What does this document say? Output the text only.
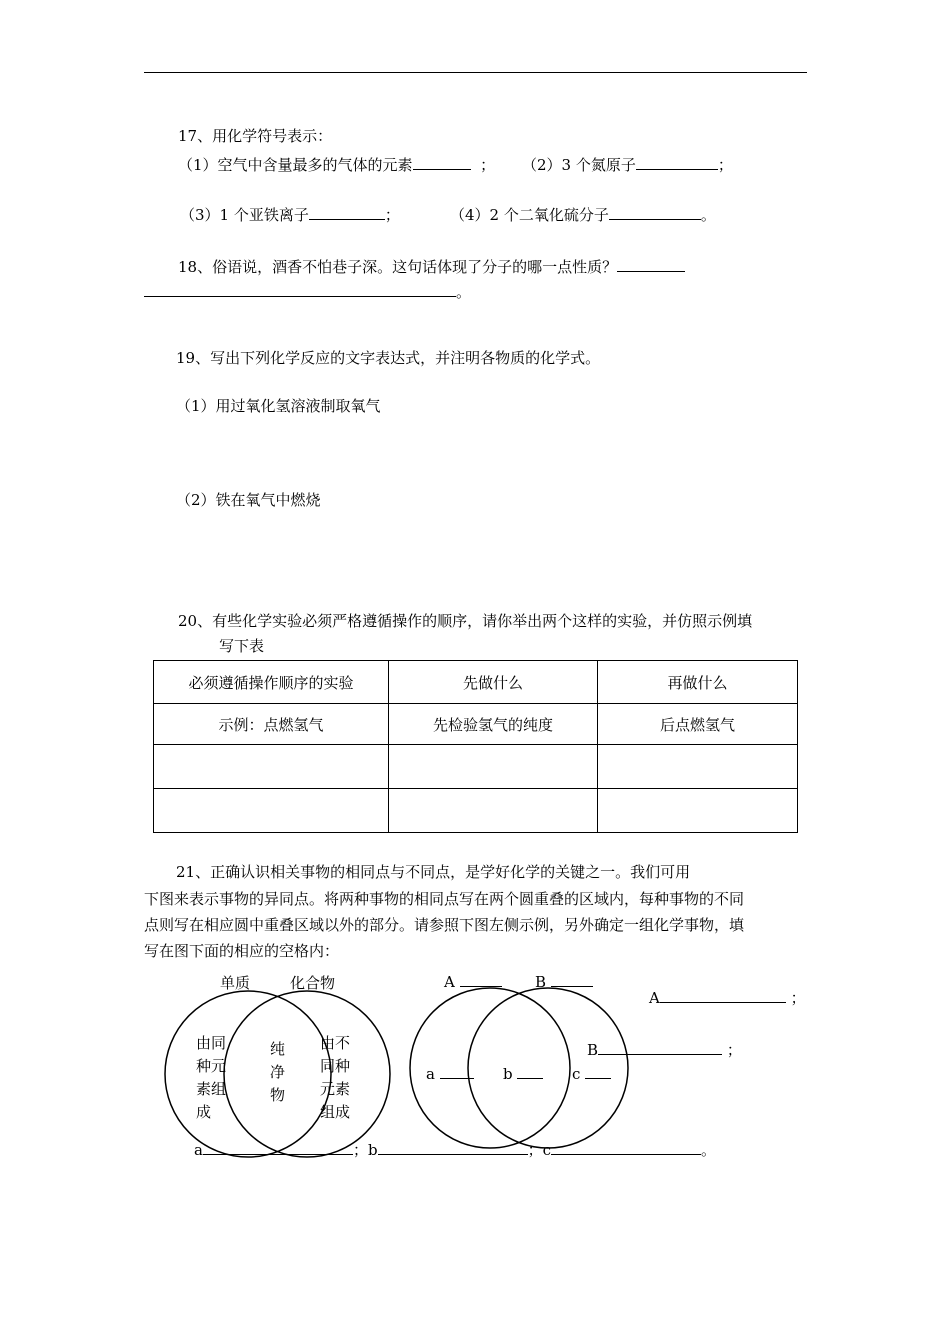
17、用化学符号表示：
（1）空气中含量最多的气体的元素	； （2）3 个氮原子	；
（3）1 个亚铁离子	；	（4）2 个二氧化硫分子	。
18、俗语说，酒香不怕巷子深。这句话体现了分子的哪一点性质？
。
19、写出下列化学反应的文字表达式，并注明各物质的化学式。
（1）用过氧化氢溶液制取氧气
（2）铁在氧气中燃烧
20、有些化学实验必须严格遵循操作的顺序，请你举出两个这样的实验，并仿照示例填
写下表
必须遵循操作顺序的实验	先做什么	再做什么
示例：点燃氢气	先检验氢气的纯度	后点燃氢气

21、正确认识相关事物的相同点与不同点，是学好化学的关键之一。我们可用
下图来表示事物的异同点。将两种事物的相同点写在两个圆重叠的区域内，每种事物的不同
点则写在相应圆中重叠区域以外的部分。请参照下图左侧示例，另外确定一组化学事物，填
写在图下面的相应的空格内：
单质	化合物
由同种元素组成
纯净物
由不同种元素组成
A	B
a	b	c
A	；
B	；
a	；b	；c	。
